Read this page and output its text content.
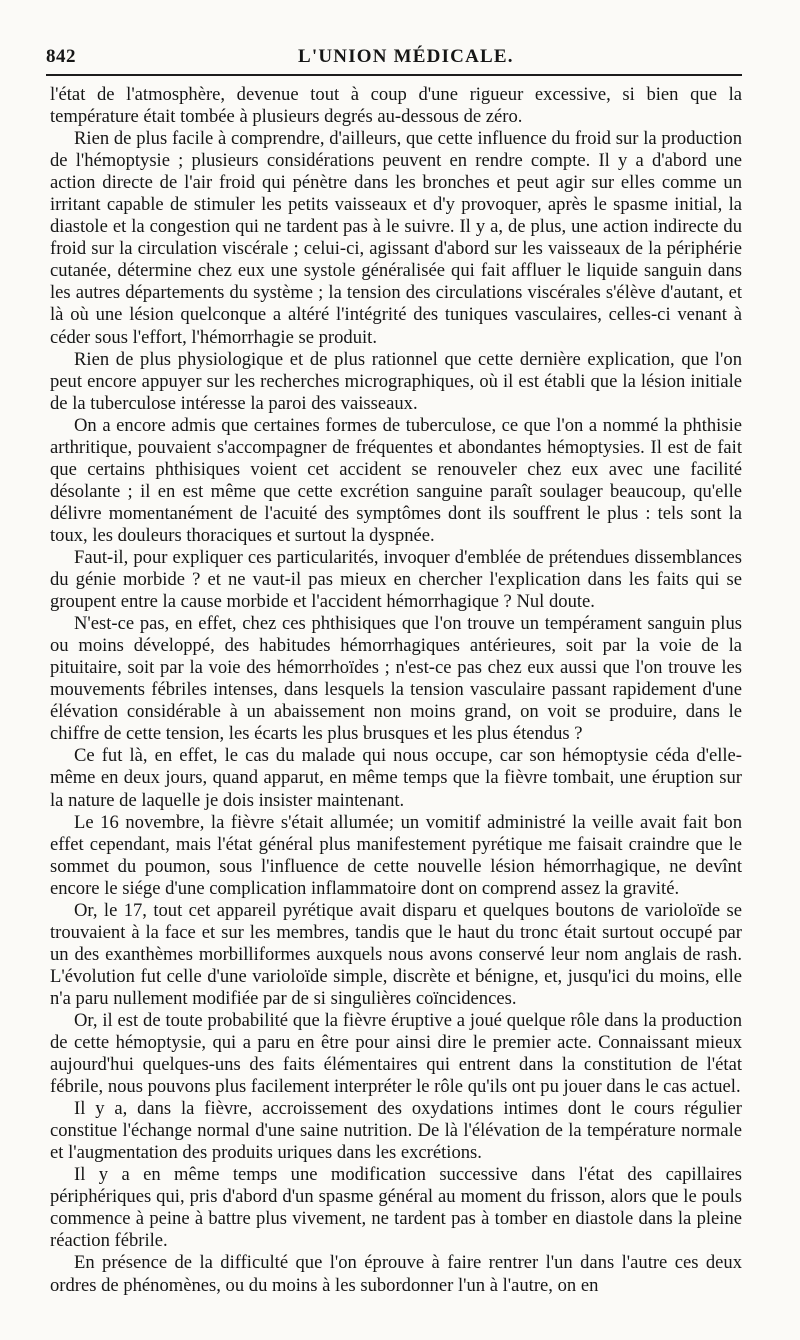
842	L'UNION MÉDICALE.

l'état de l'atmosphère, devenue tout à coup d'une rigueur excessive, si bien que la température était tombée à plusieurs degrés au-dessous de zéro.

Rien de plus facile à comprendre, d'ailleurs, que cette influence du froid sur la production de l'hémoptysie ; plusieurs considérations peuvent en rendre compte. Il y a d'abord une action directe de l'air froid qui pénètre dans les bronches et peut agir sur elles comme un irritant capable de stimuler les petits vaisseaux et d'y provoquer, après le spasme initial, la diastole et la congestion qui ne tardent pas à le suivre. Il y a, de plus, une action indirecte du froid sur la circulation viscérale ; celui-ci, agissant d'abord sur les vaisseaux de la périphérie cutanée, détermine chez eux une systole généralisée qui fait affluer le liquide sanguin dans les autres départements du système ; la tension des circulations viscérales s'élève d'autant, et là où une lésion quelconque a altéré l'intégrité des tuniques vasculaires, celles-ci venant à céder sous l'effort, l'hémorrhagie se produit.

Rien de plus physiologique et de plus rationnel que cette dernière explication, que l'on peut encore appuyer sur les recherches micrographiques, où il est établi que la lésion initiale de la tuberculose intéresse la paroi des vaisseaux.

On a encore admis que certaines formes de tuberculose, ce que l'on a nommé la phthisie arthritique, pouvaient s'accompagner de fréquentes et abondantes hémoptysies. Il est de fait que certains phthisiques voient cet accident se renouveler chez eux avec une facilité désolante ; il en est même que cette excrétion sanguine paraît soulager beaucoup, qu'elle délivre momentanément de l'acuité des symptômes dont ils souffrent le plus : tels sont la toux, les douleurs thoraciques et surtout la dyspnée.

Faut-il, pour expliquer ces particularités, invoquer d'emblée de prétendues dissemblances du génie morbide ? et ne vaut-il pas mieux en chercher l'explication dans les faits qui se groupent entre la cause morbide et l'accident hémorrhagique ? Nul doute.

N'est-ce pas, en effet, chez ces phthisiques que l'on trouve un tempérament sanguin plus ou moins développé, des habitudes hémorrhagiques antérieures, soit par la voie de la pituitaire, soit par la voie des hémorrhoïdes ; n'est-ce pas chez eux aussi que l'on trouve les mouvements fébriles intenses, dans lesquels la tension vasculaire passant rapidement d'une élévation considérable à un abaissement non moins grand, on voit se produire, dans le chiffre de cette tension, les écarts les plus brusques et les plus étendus ?

Ce fut là, en effet, le cas du malade qui nous occupe, car son hémoptysie céda d'elle-même en deux jours, quand apparut, en même temps que la fièvre tombait, une éruption sur la nature de laquelle je dois insister maintenant.

Le 16 novembre, la fièvre s'était allumée; un vomitif administré la veille avait fait bon effet cependant, mais l'état général plus manifestement pyrétique me faisait craindre que le sommet du poumon, sous l'influence de cette nouvelle lésion hémorrhagique, ne devînt encore le siége d'une complication inflammatoire dont on comprend assez la gravité.

Or, le 17, tout cet appareil pyrétique avait disparu et quelques boutons de varioloïde se trouvaient à la face et sur les membres, tandis que le haut du tronc était surtout occupé par un des exanthèmes morbilliformes auxquels nous avons conservé leur nom anglais de rash. L'évolution fut celle d'une varioloïde simple, discrète et bénigne, et, jusqu'ici du moins, elle n'a paru nullement modifiée par de si singulières coïncidences.

Or, il est de toute probabilité que la fièvre éruptive a joué quelque rôle dans la production de cette hémoptysie, qui a paru en être pour ainsi dire le premier acte. Connaissant mieux aujourd'hui quelques-uns des faits élémentaires qui entrent dans la constitution de l'état fébrile, nous pouvons plus facilement interpréter le rôle qu'ils ont pu jouer dans le cas actuel.

Il y a, dans la fièvre, accroissement des oxydations intimes dont le cours régulier constitue l'échange normal d'une saine nutrition. De là l'élévation de la température normale et l'augmentation des produits uriques dans les excrétions.

Il y a en même temps une modification successive dans l'état des capillaires périphériques qui, pris d'abord d'un spasme général au moment du frisson, alors que le pouls commence à peine à battre plus vivement, ne tardent pas à tomber en diastole dans la pleine réaction fébrile.

En présence de la difficulté que l'on éprouve à faire rentrer l'un dans l'autre ces deux ordres de phénomènes, ou du moins à les subordonner l'un à l'autre, on en
